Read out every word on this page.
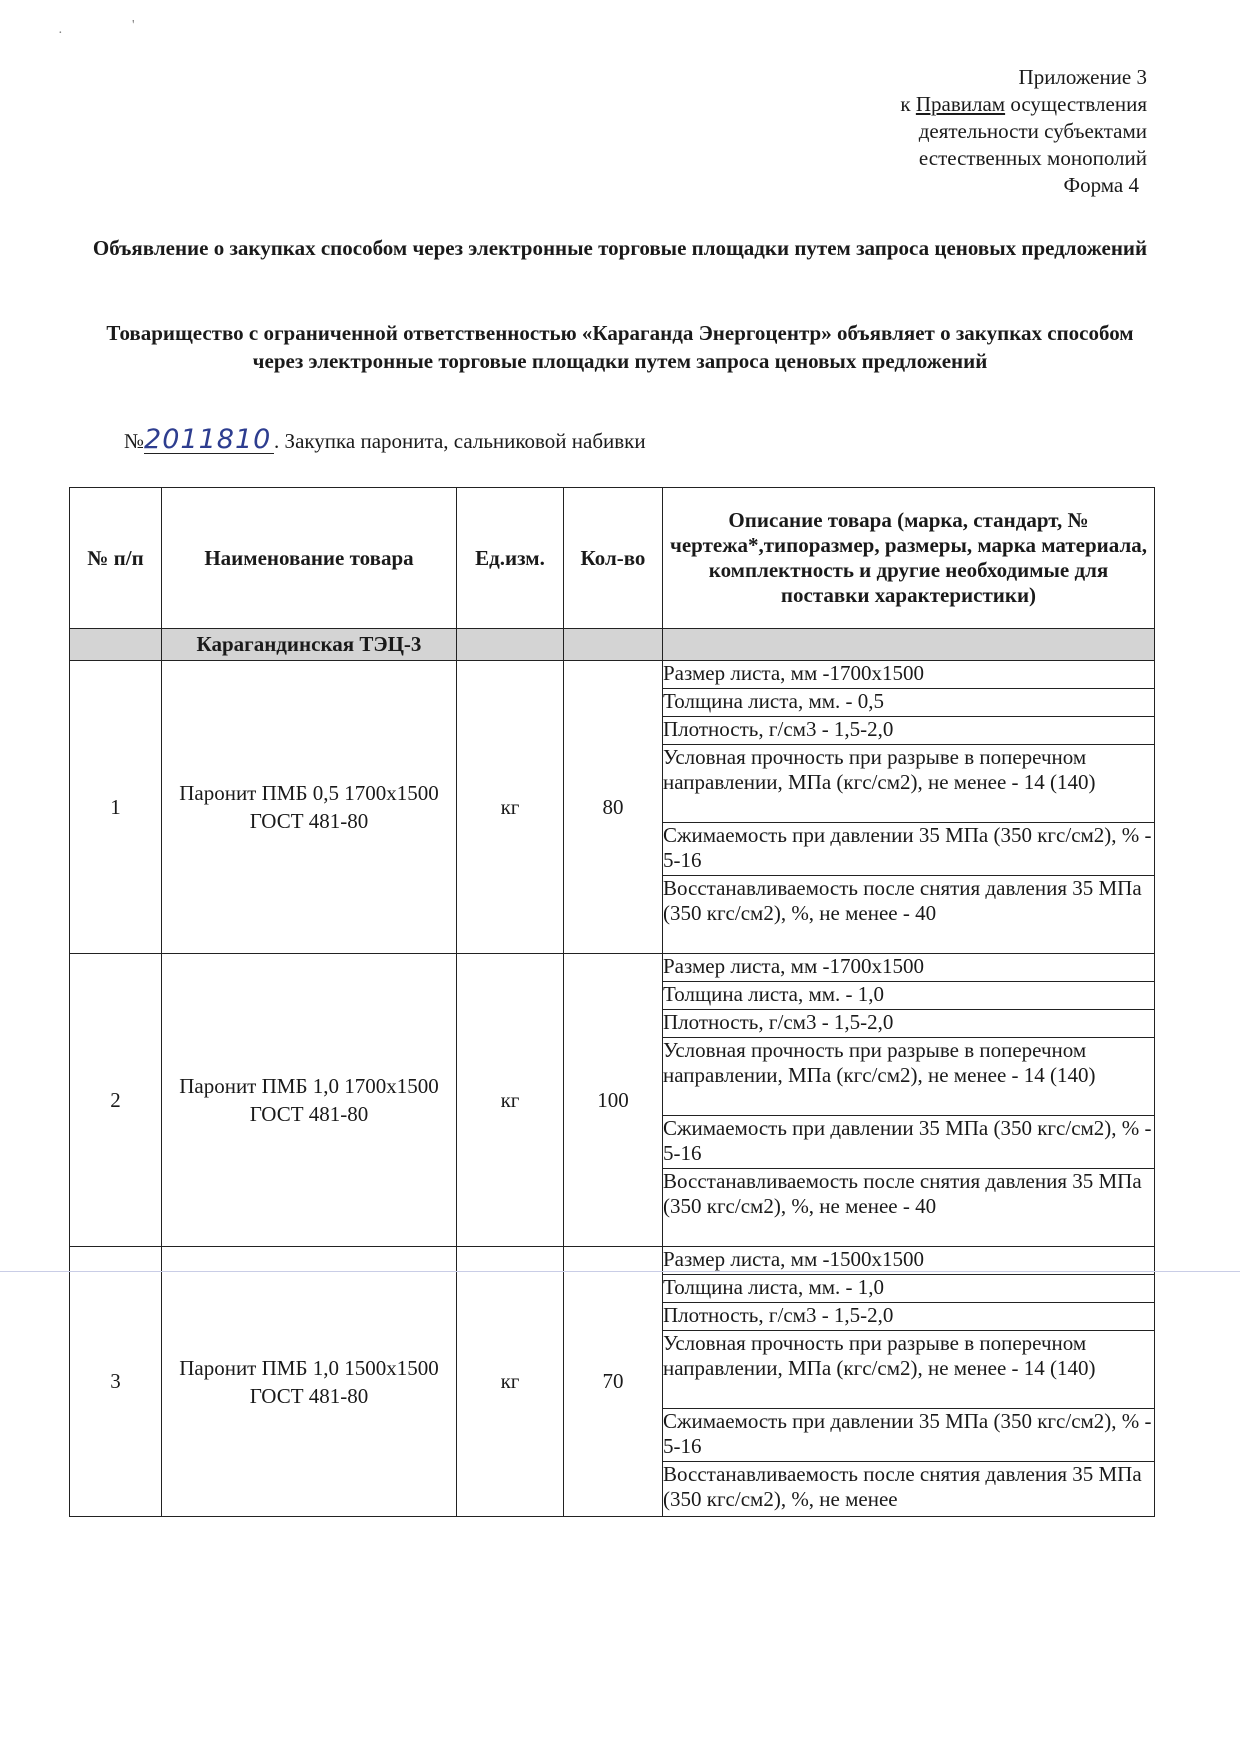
·
'
Приложение 3
к Правилам осуществления
деятельности субъектами
естественных монополий
Форма 4
Объявление о закупках способом через электронные торговые площадки путем запроса ценовых предложений
Товарищество с ограниченной ответственностью «Караганда Энергоцентр» объявляет о закупках способом через электронные торговые площадки путем запроса ценовых предложений
№2011810 . Закупка паронита, сальниковой набивки
№ п/п	Наименование товара	Ед.изм.	Кол-во	Описание товара (марка, стандарт, № чертежа*,типоразмер, размеры, марка материала, комплектность и другие необходимые для поставки характеристики)
	Карагандинская ТЭЦ-3			
1	Паронит ПМБ 0,5 1700х1500 ГОСТ 481-80	кг	80	Размер листа, мм -1700х1500
				Толщина листа, мм. - 0,5
				Плотность, г/см3 - 1,5-2,0
				Условная прочность при разрыве в поперечном направлении, МПа (кгс/см2), не менее - 14 (140)
				Сжимаемость при давлении 35 МПа (350 кгс/см2), % - 5-16
				Восстанавливаемость после снятия давления 35 МПа (350 кгс/см2), %, не менее - 40
2	Паронит ПМБ 1,0 1700х1500 ГОСТ 481-80	кг	100	Размер листа, мм -1700х1500
				Толщина листа, мм. - 1,0
				Плотность, г/см3 - 1,5-2,0
				Условная прочность при разрыве в поперечном направлении, МПа (кгс/см2), не менее - 14 (140)
				Сжимаемость при давлении 35 МПа (350 кгс/см2), % - 5-16
				Восстанавливаемость после снятия давления 35 МПа (350 кгс/см2), %, не менее - 40
3	Паронит ПМБ 1,0 1500х1500 ГОСТ 481-80	кг	70	Размер листа, мм -1500х1500
				Толщина листа, мм. - 1,0
				Плотность, г/см3 - 1,5-2,0
				Условная прочность при разрыве в поперечном направлении, МПа (кгс/см2), не менее - 14 (140)
				Сжимаемость при давлении 35 МПа (350 кгс/см2), % - 5-16

				Восстанавливаемость после снятия давления 35 МПа (350 кгс/см2), %, не менее
